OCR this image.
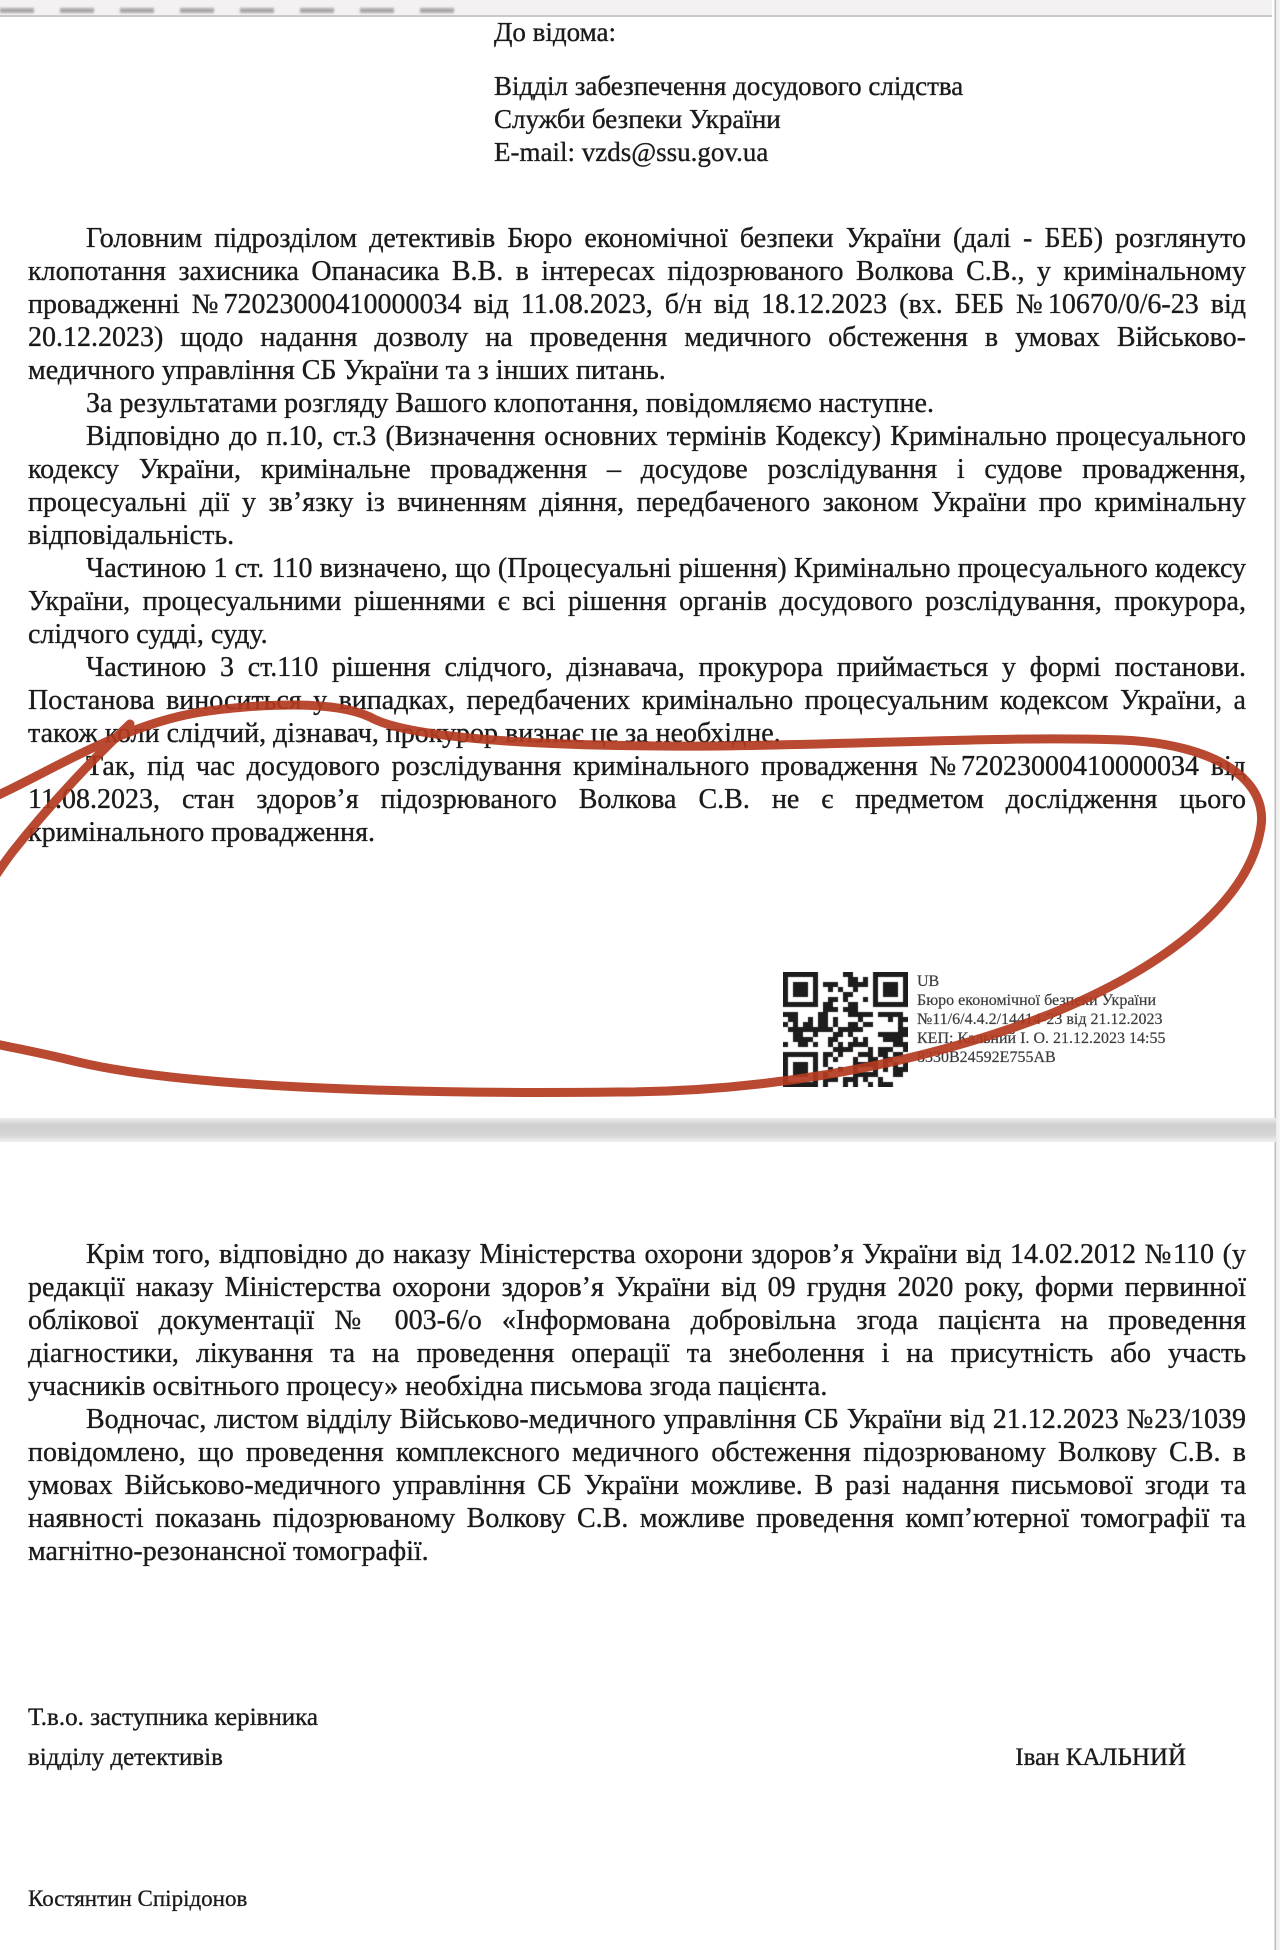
До відома:
Відділ забезпечення досудового слідства
Служби безпеки України
E-mail: vzds@ssu.gov.ua

Головним підрозділом детективів Бюро економічної безпеки України (далі - БЕБ) розглянуто клопотання захисника Опанасика В.В. в інтересах підозрюваного Волкова С.В., у кримінальному провадженні №72023000410000034 від 11.08.2023, б/н від 18.12.2023 (вх. БЕБ №10670/0/6-23 від 20.12.2023) щодо надання дозволу на проведення медичного обстеження в умовах Військово-медичного управління СБ України та з інших питань.

За результатами розгляду Вашого клопотання, повідомляємо наступне.

Відповідно до п.10, ст.3 (Визначення основних термінів Кодексу) Кримінально процесуального кодексу України, кримінальне провадження – досудове розслідування і судове провадження, процесуальні дії у зв’язку із вчиненням діяння, передбаченого законом України про кримінальну відповідальність.

Частиною 1 ст. 110 визначено, що (Процесуальні рішення) Кримінально процесуального кодексу України, процесуальними рішеннями є всі рішення органів досудового розслідування, прокурора, слідчого судді, суду.

Частиною 3 ст.110 рішення слідчого, дізнавача, прокурора приймається у формі постанови. Постанова виноситься у випадках, передбачених кримінально процесуальним кодексом України, а також коли слідчий, дізнавач, прокурор визнає це за необхідне.

Так, під час досудового розслідування кримінального провадження №72023000410000034 від 11.08.2023, стан здоров’я підозрюваного Волкова С.В. не є предметом дослідження цього кримінального провадження.

UB
Бюро економічної безпеки України
№11/6/4.4.2/14414-23 від 21.12.2023
КЕП: Кальний І. О. 21.12.2023 14:55
8330B24592E755AB

Крім того, відповідно до наказу Міністерства охорони здоров’я України від 14.02.2012 №110 (у редакції наказу Міністерства охорони здоров’я України від 09 грудня 2020 року, форми первинної облікової документації № 003-6/о «Інформована добровільна згода пацієнта на проведення діагностики, лікування та на проведення операції та знеболення і на присутність або участь учасників освітнього процесу» необхідна письмова згода пацієнта.

Водночас, листом відділу Військово-медичного управління СБ України від 21.12.2023 №23/1039 повідомлено, що проведення комплексного медичного обстеження підозрюваному Волкову С.В. в умовах Військово-медичного управління СБ України можливе. В разі надання письмової згоди та наявності показань підозрюваному Волкову С.В. можливе проведення комп’ютерної томографії та магнітно-резонансної томографії.

Т.в.о. заступника керівника
відділу детективів	Іван КАЛЬНИЙ
Костянтин Спірідонов
